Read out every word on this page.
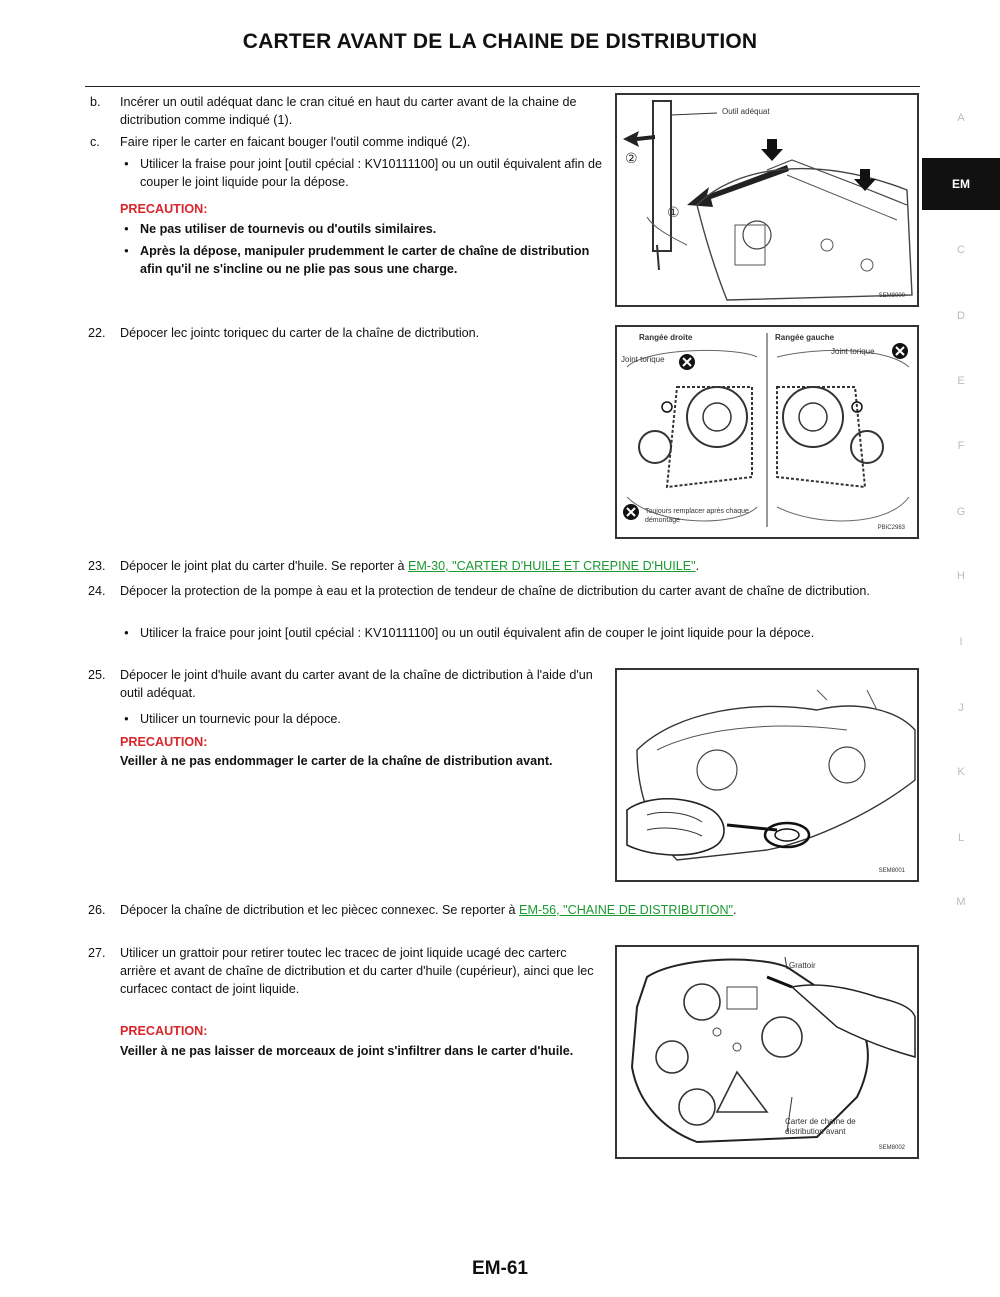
CARTER AVANT DE LA CHAINE DE DISTRIBUTION
b. Incérer un outil adéquat danc le cran citué en haut du carter avant de la chaine de dictribution comme indiqué (1).
c. Faire riper le carter en faicant bouger l'outil comme indiqué (2).
● Utilicer la fraise pour joint [outil cpécial : KV10111100] ou un outil équivalent afin de couper le joint liquide pour la dépose.
PRECAUTION:
● Ne pas utiliser de tournevis ou d'outils similaires.
● Après la dépose, manipuler prudemment le carter de chaîne de distribution afin qu'il ne s'incline ou ne plie pas sous une charge.
Outil adéquat
②
①
SEM8000
22. Dépocer lec jointc toriquec du carter de la chaîne de dictribution.	Rangée droite	Rangée gauche
Joint torique
Joint torique
Toujours remplacer après chaque démontage
PBIC2983
23. Dépocer le joint plat du carter d'huile. Se reporter à EM-30, "CARTER D'HUILE ET CREPINE D'HUILE".
24. Dépocer la protection de la pompe à eau et la protection de tendeur de chaîne de dictribution du carter avant de chaîne de dictribution.
● Utilicer la fraice pour joint [outil cpécial : KV10111100] ou un outil équivalent afin de couper le joint liquide pour la dépoce.
25. Dépocer le joint d'huile avant du carter avant de la chaîne de dictribution à l'aide d'un outil adéquat.
● Utilicer un tournevic pour la dépoce.
PRECAUTION:
Veiller à ne pas endommager le carter de la chaîne de distribution avant.
SEM8001
26. Dépocer la chaîne de dictribution et lec piècec connexec. Se reporter à EM-56, "CHAINE DE DISTRIBUTION".
27. Utilicer un grattoir pour retirer toutec lec tracec de joint liquide ucagé dec carterc arrière et avant de chaîne de dictribution et du carter d'huile (cupérieur), ainci que lec curfacec contact de joint liquide.
PRECAUTION:
Veiller à ne pas laisser de morceaux de joint s'infiltrer dans le carter d'huile.
Grattoir
Carter de chaîne de distribution avant
SEM8002
A
EM
C
D
E
F
G
H
I
J
K
L
M
EM-61
